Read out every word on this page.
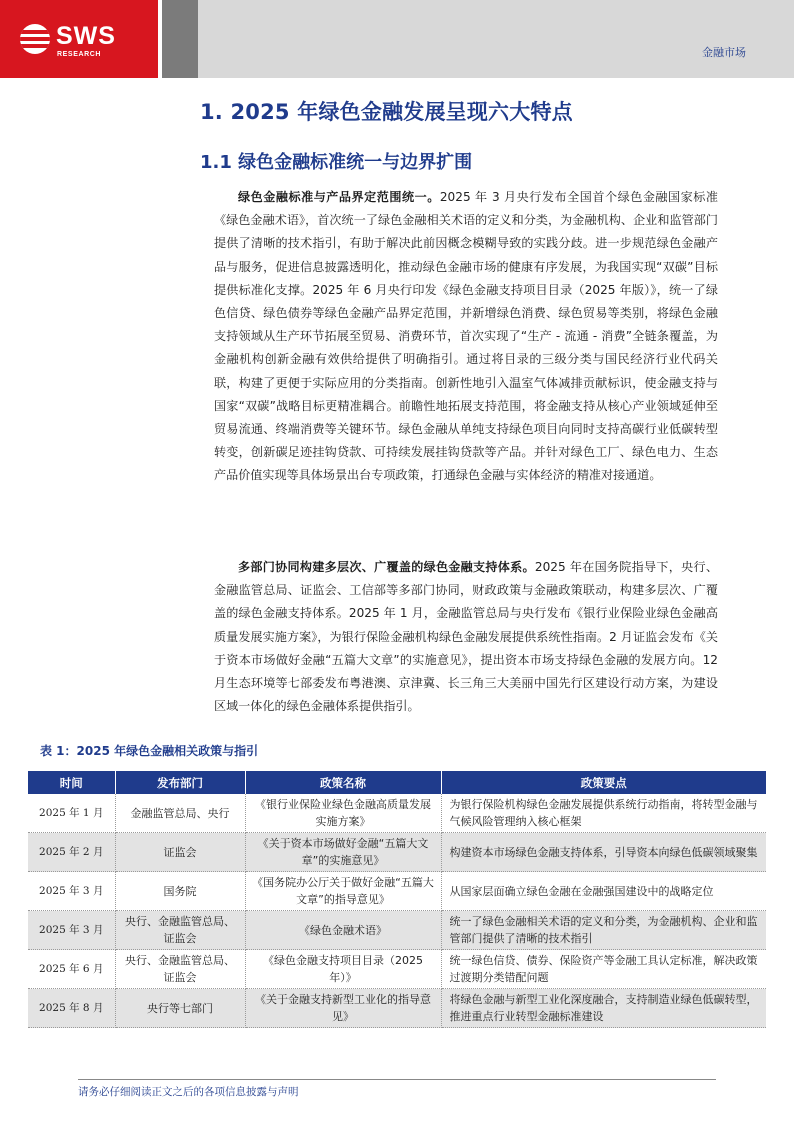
SWS
RESEARCH	金融市场
1. 2025 年绿色金融发展呈现六大特点
1.1 绿色金融标准统一与边界扩围

绿色金融标准与产品界定范围统一。2025 年 3 月央行发布全国首个绿色金融国家标准《绿色金融术语》，首次统一了绿色金融相关术语的定义和分类，为金融机构、企业和监管部门提供了清晰的技术指引，有助于解决此前因概念模糊导致的实践分歧。进一步规范绿色金融产品与服务，促进信息披露透明化，推动绿色金融市场的健康有序发展，为我国实现“双碳”目标提供标准化支撑。2025 年 6 月央行印发《绿色金融支持项目目录（2025 年版）》，统一了绿色信贷、绿色债券等绿色金融产品界定范围，并新增绿色消费、绿色贸易等类别，将绿色金融支持领域从生产环节拓展至贸易、消费环节，首次实现了“生产 - 流通 - 消费”全链条覆盖，为金融机构创新金融有效供给提供了明确指引。通过将目录的三级分类与国民经济行业代码关联，构建了更便于实际应用的分类指南。创新性地引入温室气体减排贡献标识，使金融支持与国家“双碳”战略目标更精准耦合。前瞻性地拓展支持范围，将金融支持从核心产业领域延伸至贸易流通、终端消费等关键环节。绿色金融从单纯支持绿色项目向同时支持高碳行业低碳转型转变，创新碳足迹挂钩贷款、可持续发展挂钩贷款等产品。并针对绿色工厂、绿色电力、生态产品价值实现等具体场景出台专项政策，打通绿色金融与实体经济的精准对接通道。

多部门协同构建多层次、广覆盖的绿色金融支持体系。2025 年在国务院指导下，央行、金融监管总局、证监会、工信部等多部门协同，财政政策与金融政策联动，构建多层次、广覆盖的绿色金融支持体系。2025 年 1 月，金融监管总局与央行发布《银行业保险业绿色金融高质量发展实施方案》，为银行保险金融机构绿色金融发展提供系统性指南。2 月证监会发布《关于资本市场做好金融“五篇大文章”的实施意见》，提出资本市场支持绿色金融的发展方向。12 月生态环境等七部委发布粤港澳、京津冀、长三角三大美丽中国先行区建设行动方案，为建设区域一体化的绿色金融体系提供指引。

表 1：2025 年绿色金融相关政策与指引
时间	发布部门	政策名称	政策要点
2025 年 1 月	金融监管总局、央行	《银行业保险业绿色金融高质量发展实施方案》	为银行保险机构绿色金融发展提供系统行动指南，将转型金融与气候风险管理纳入核心框架
2025 年 2 月	证监会	《关于资本市场做好金融“五篇大文章”的实施意见》	构建资本市场绿色金融支持体系，引导资本向绿色低碳领域聚集
2025 年 3 月	国务院	《国务院办公厅关于做好金融“五篇大文章”的指导意见》	从国家层面确立绿色金融在金融强国建设中的战略定位
2025 年 3 月	央行、金融监管总局、证监会	《绿色金融术语》	统一了绿色金融相关术语的定义和分类，为金融机构、企业和监管部门提供了清晰的技术指引
2025 年 6 月	央行、金融监管总局、证监会	《绿色金融支持项目目录（2025 年）》	统一绿色信贷、债券、保险资产等金融工具认定标准，解决政策过渡期分类错配问题
2025 年 8 月	央行等七部门	《关于金融支持新型工业化的指导意见》	将绿色金融与新型工业化深度融合，支持制造业绿色低碳转型，推进重点行业转型金融标准建设
请务必仔细阅读正文之后的各项信息披露与声明
